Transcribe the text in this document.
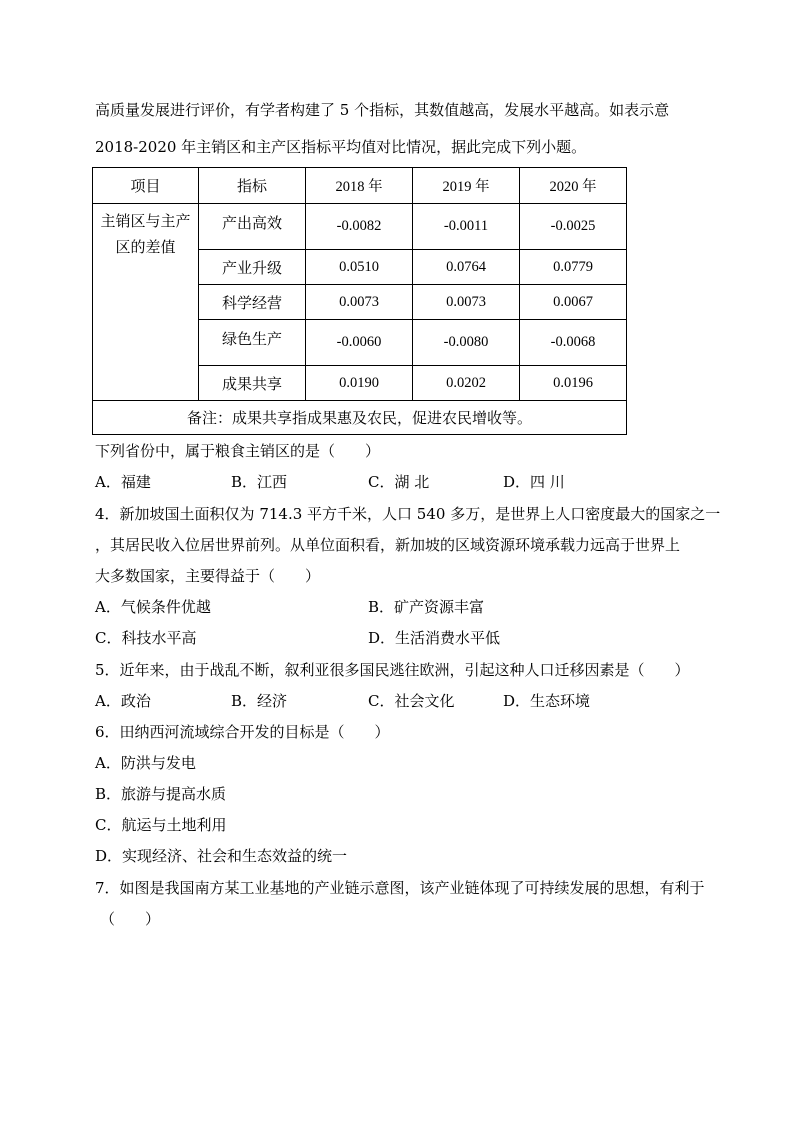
高质量发展进行评价，有学者构建了 5 个指标，其数值越高，发展水平越高。如表示意
2018-2020 年主销区和主产区指标平均值对比情况，据此完成下列小题。
项目	指标	2018 年	2019 年	2020 年

主销区与主产
区的差值	产出高效	-0.0082	-0.0011	-0.0025
	产业升级	0.0510	0.0764	0.0779
	科学经营	0.0073	0.0073	0.0067
	绿色生产	-0.0060	-0.0080	-0.0068
	成果共享	0.0190	0.0202	0.0196
备注：成果共享指成果惠及农民，促进农民增收等。				
下列省份中，属于粮食主销区的是（　　）
A．福建	B．江西	C．湖 北	D．四 川
4．新加坡国土面积仅为 714.3 平方千米，人口 540 多万，是世界上人口密度最大的国家之一
，其居民收入位居世界前列。从单位面积看，新加坡的区域资源环境承载力远高于世界上
大多数国家，主要得益于（　　）
A．气候条件优越	B．矿产资源丰富
C．科技水平高	D．生活消费水平低
5．近年来，由于战乱不断，叙利亚很多国民逃往欧洲，引起这种人口迁移因素是（　　）
A．政治	B．经济	C．社会文化	D．生态环境
6．田纳西河流域综合开发的目标是（　　）
A．防洪与发电
B．旅游与提高水质
C．航运与土地利用
D．实现经济、社会和生态效益的统一
7．如图是我国南方某工业基地的产业链示意图，该产业链体现了可持续发展的思想，有利于
（　　）
